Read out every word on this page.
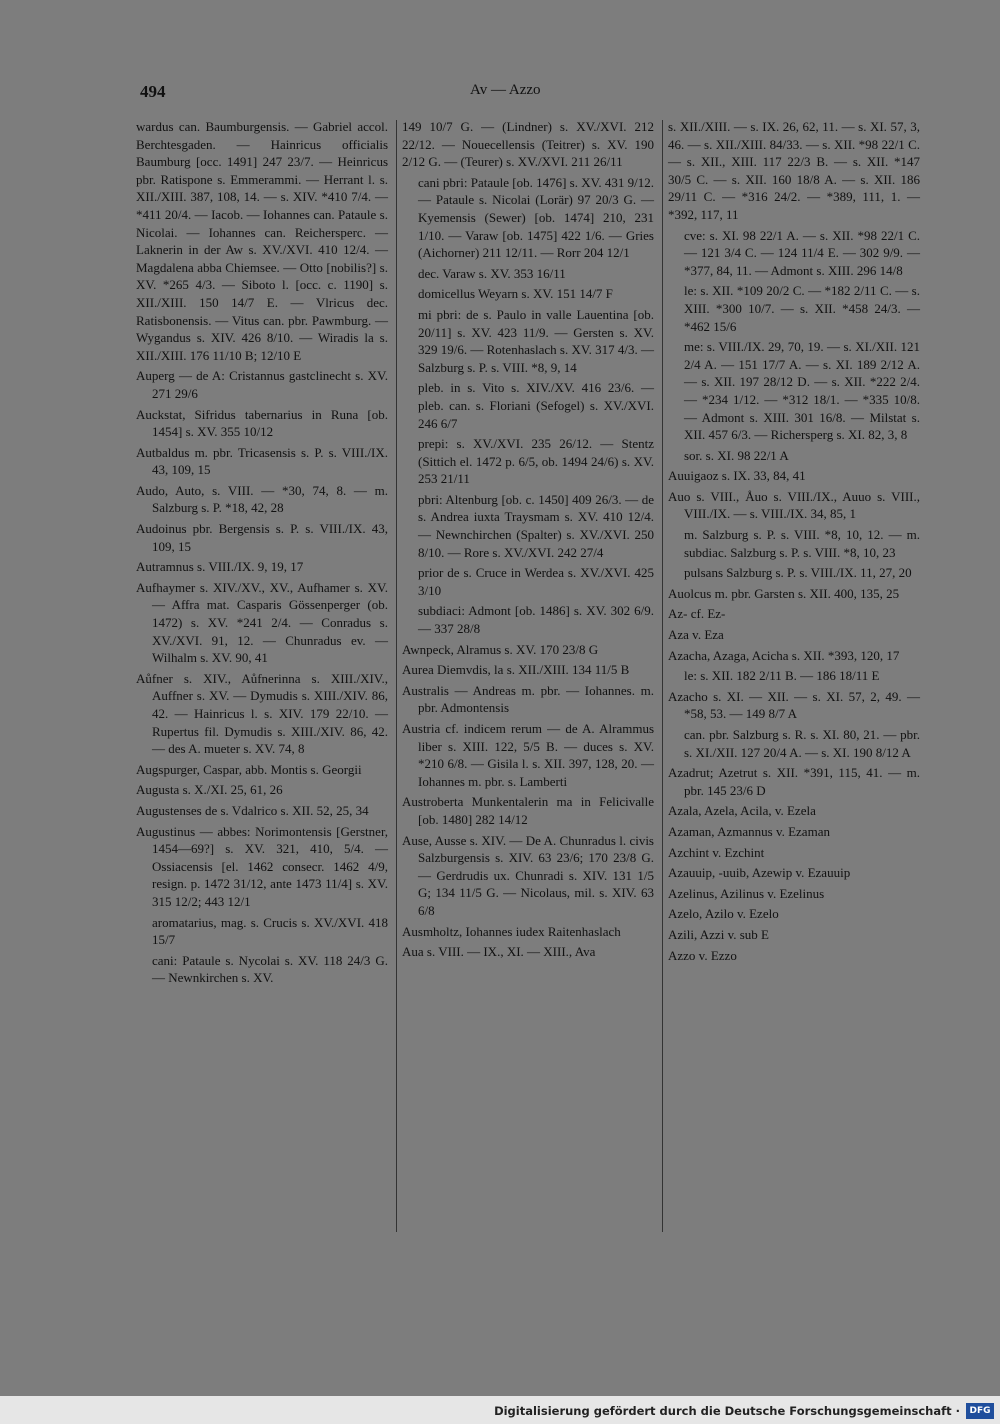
494	Av — Azzo

wardus can. Baumburgensis. — Gabriel accol. Berchtesgaden. — Hainricus officialis Baumburg [occ. 1491] 247 23/7. — Heinricus pbr. Ratispone s. Emmerammi. — Herrant l. s. XII./XIII. 387, 108, 14. — s. XIV. *410 7/4. — *411 20/4. — Iacob. — Iohannes can. Pataule s. Nicolai. — Iohannes can. Reichersperc. — Laknerin in der Aw s. XV./XVI. 410 12/4. — Magdalena abba Chiemsee. — Otto [nobilis?] s. XV. *265 4/3. — Siboto l. [occ. c. 1190] s. XII./XIII. 150 14/7 E. — Vlricus dec. Ratisbonensis. — Vitus can. pbr. Pawmburg. — Wygandus s. XIV. 426 8/10. — Wiradis la s. XII./XIII. 176 11/10 B; 12/10 E

Auperg — de A: Cristannus gastclinecht s. XV. 271 29/6

Auckstat, Sifridus tabernarius in Runa [ob. 1454] s. XV. 355 10/12

Autbaldus m. pbr. Tricasensis s. P. s. VIII./IX. 43, 109, 15

Audo, Auto, s. VIII. — *30, 74, 8. — m. Salzburg s. P. *18, 42, 28

Audoinus pbr. Bergensis s. P. s. VIII./IX. 43, 109, 15

Autramnus s. VIII./IX. 9, 19, 17

Aufhaymer s. XIV./XV., XV., Aufhamer s. XV. — Affra mat. Casparis Gössenperger (ob. 1472) s. XV. *241 2/4. — Conradus s. XV./XVI. 91, 12. — Chunradus ev. — Wilhalm s. XV. 90, 41

Aůfner s. XIV., Aůfnerinna s. XIII./XIV., Auffner s. XV. — Dymudis s. XIII./XIV. 86, 42. — Hainricus l. s. XIV. 179 22/10. — Rupertus fil. Dymudis s. XIII./XIV. 86, 42. — des A. mueter s. XV. 74, 8

Augspurger, Caspar, abb. Montis s. Georgii

Augusta s. X./XI. 25, 61, 26

Augustenses de s. Vdalrico s. XII. 52, 25, 34

Augustinus — abbes: Norimontensis [Gerstner, 1454—69?] s. XV. 321, 410, 5/4. — Ossiacensis [el. 1462 consecr. 1462 4/9, resign. p. 1472 31/12, ante 1473 11/4] s. XV. 315 12/2; 443 12/1

aromatarius, mag. s. Crucis s. XV./XVI. 418 15/7

cani: Pataule s. Nycolai s. XV. 118 24/3 G. — Newnkirchen s. XV.

149 10/7 G. — (Lindner) s. XV./XVI. 212 22/12. — Nouecellensis (Teitrer) s. XV. 190 2/12 G. — (Teurer) s. XV./XVI. 211 26/11

cani pbri: Pataule [ob. 1476] s. XV. 431 9/12. — Pataule s. Nicolai (Lorär) 97 20/3 G. — Kyemensis (Sewer) [ob. 1474] 210, 231 1/10. — Varaw [ob. 1475] 422 1/6. — Gries (Aichorner) 211 12/11. — Rorr 204 12/1

dec. Varaw s. XV. 353 16/11

domicellus Weyarn s. XV. 151 14/7 F

mi pbri: de s. Paulo in valle Lauentina [ob. 20/11] s. XV. 423 11/9. — Gersten s. XV. 329 19/6. — Rotenhaslach s. XV. 317 4/3. — Salzburg s. P. s. VIII. *8, 9, 14

pleb. in s. Vito s. XIV./XV. 416 23/6. — pleb. can. s. Floriani (Sefogel) s. XV./XVI. 246 6/7

prepi: s. XV./XVI. 235 26/12. — Stentz (Sittich el. 1472 p. 6/5, ob. 1494 24/6) s. XV. 253 21/11

pbri: Altenburg [ob. c. 1450] 409 26/3. — de s. Andrea iuxta Traysmam s. XV. 410 12/4. — Newnchirchen (Spalter) s. XV./XVI. 250 8/10. — Rore s. XV./XVI. 242 27/4

prior de s. Cruce in Werdea s. XV./XVI. 425 3/10

subdiaci: Admont [ob. 1486] s. XV. 302 6/9. — 337 28/8

Awnpeck, Alramus s. XV. 170 23/8 G

Aurea Diemvdis, la s. XII./XIII. 134 11/5 B

Australis — Andreas m. pbr. — Iohannes. m. pbr. Admontensis

Austria cf. indicem rerum — de A. Alrammus liber s. XIII. 122, 5/5 B. — duces s. XV. *210 6/8. — Gisila l. s. XII. 397, 128, 20. — Iohannes m. pbr. s. Lamberti

Austroberta Munkentalerin ma in Felicivalle [ob. 1480] 282 14/12

Ause, Ausse s. XIV. — De A. Chunradus l. civis Salzburgensis s. XIV. 63 23/6; 170 23/8 G. — Gerdrudis ux. Chunradi s. XIV. 131 1/5 G; 134 11/5 G. — Nicolaus, mil. s. XIV. 63 6/8

Ausmholtz, Iohannes iudex Raitenhaslach

Aua s. VIII. — IX., XI. — XIII., Ava

s. XII./XIII. — s. IX. 26, 62, 11. — s. XI. 57, 3, 46. — s. XII./XIII. 84/33. — s. XII. *98 22/1 C. — s. XII., XIII. 117 22/3 B. — s. XII. *147 30/5 C. — s. XII. 160 18/8 A. — s. XII. 186 29/11 C. — *316 24/2. — *389, 111, 1. — *392, 117, 11

cve: s. XI. 98 22/1 A. — s. XII. *98 22/1 C. — 121 3/4 C. — 124 11/4 E. — 302 9/9. — *377, 84, 11. — Admont s. XIII. 296 14/8

le: s. XII. *109 20/2 C. — *182 2/11 C. — s. XIII. *300 10/7. — s. XII. *458 24/3. — *462 15/6

me: s. VIII./IX. 29, 70, 19. — s. XI./XII. 121 2/4 A. — 151 17/7 A. — s. XI. 189 2/12 A. — s. XII. 197 28/12 D. — s. XII. *222 2/4. — *234 1/12. — *312 18/1. — *335 10/8. — Admont s. XIII. 301 16/8. — Milstat s. XII. 457 6/3. — Richersperg s. XI. 82, 3, 8

sor. s. XI. 98 22/1 A

Auuigaoz s. IX. 33, 84, 41

Auo s. VIII., Åuo s. VIII./IX., Auuo s. VIII., VIII./IX. — s. VIII./IX. 34, 85, 1

m. Salzburg s. P. s. VIII. *8, 10, 12. — m. subdiac. Salzburg s. P. s. VIII. *8, 10, 23

pulsans Salzburg s. P. s. VIII./IX. 11, 27, 20

Auolcus m. pbr. Garsten s. XII. 400, 135, 25

Az- cf. Ez-

Aza v. Eza

Azacha, Azaga, Acicha s. XII. *393, 120, 17

le: s. XII. 182 2/11 B. — 186 18/11 E

Azacho s. XI. — XII. — s. XI. 57, 2, 49. — *58, 53. — 149 8/7 A

can. pbr. Salzburg s. R. s. XI. 80, 21. — pbr. s. XI./XII. 127 20/4 A. — s. XI. 190 8/12 A

Azadrut; Azetrut s. XII. *391, 115, 41. — m. pbr. 145 23/6 D

Azala, Azela, Acila, v. Ezela

Azaman, Azmannus v. Ezaman

Azchint v. Ezchint

Azauuip, -uuib, Azewip v. Ezauuip

Azelinus, Azilinus v. Ezelinus

Azelo, Azilo v. Ezelo

Azili, Azzi v. sub E

Azzo v. Ezzo

Digitalisierung gefördert durch die Deutsche Forschungsgemeinschaft ·	DFG
